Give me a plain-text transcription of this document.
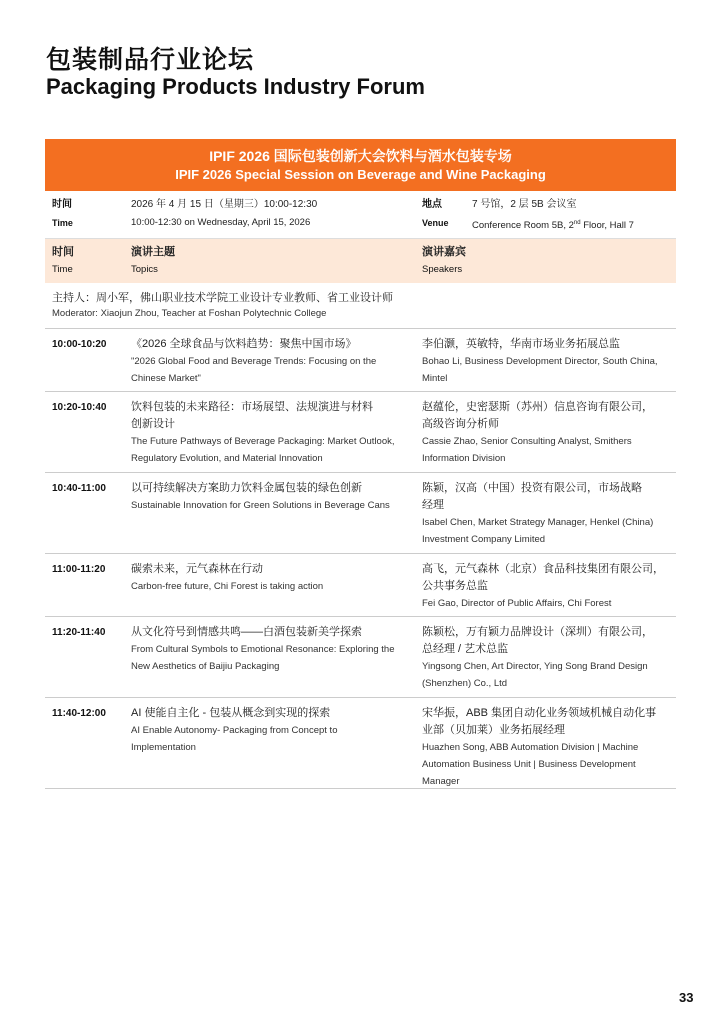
包装制品行业论坛
Packaging Products Industry Forum
IPIF 2026 国际包装创新大会饮料与酒水包装专场
IPIF 2026 Special Session on Beverage and Wine Packaging
时间
Time
2026 年 4 月 15 日（星期三）10:00-12:30
10:00-12:30 on Wednesday, April 15, 2026
地点
Venue
7 号馆，2 层 5B 会议室
Conference Room 5B, 2nd Floor, Hall 7
时间
Time
演讲主题
Topics
演讲嘉宾
Speakers
主持人：周小军，佛山职业技术学院工业设计专业教师、省工业设计师
Moderator: Xiaojun Zhou, Teacher at Foshan Polytechnic College
10:00-10:20 《2026 全球食品与饮料趋势：聚焦中国市场》
"2026 Global Food and Beverage Trends: Focusing on the
Chinese Market"
李伯灏，英敏特，华南市场业务拓展总监
Bohao Li, Business Development Director, South China,
Mintel
10:20-10:40 饮料包装的未来路径：市场展望、法规演进与材料
创新设计
The Future Pathways of Beverage Packaging: Market Outlook,
Regulatory Evolution, and Material Innovation
赵蕴伦，史密瑟斯（苏州）信息咨询有限公司，
高级咨询分析师
Cassie Zhao, Senior Consulting Analyst, Smithers
Information Division
10:40-11:00 以可持续解决方案助力饮料金属包装的绿色创新
Sustainable Innovation for Green Solutions in Beverage Cans
陈颖，汉高（中国）投资有限公司，市场战略
经理
Isabel Chen, Market Strategy Manager, Henkel (China)
Investment Company Limited
11:00-11:20 碳索未来，元气森林在行动
Carbon-free future, Chi Forest is taking action
高飞，元气森林（北京）食品科技集团有限公司，
公共事务总监
Fei Gao, Director of Public Affairs, Chi Forest
11:20-11:40 从文化符号到情感共鸣——白酒包装新美学探索
From Cultural Symbols to Emotional Resonance: Exploring the
New Aesthetics of Baijiu Packaging
陈颖松，万有颖力品牌设计（深圳）有限公司，
总经理 / 艺术总监
Yingsong Chen, Art Director, Ying Song Brand Design
(Shenzhen) Co., Ltd
11:40-12:00 AI 使能自主化 - 包装从概念到实现的探索
AI Enable Autonomy- Packaging from Concept to
Implementation
宋华振，ABB 集团自动化业务领域机械自动化事
业部（贝加莱）业务拓展经理
Huazhen Song, ABB Automation Division | Machine
Automation Business Unit | Business Development
Manager
33
